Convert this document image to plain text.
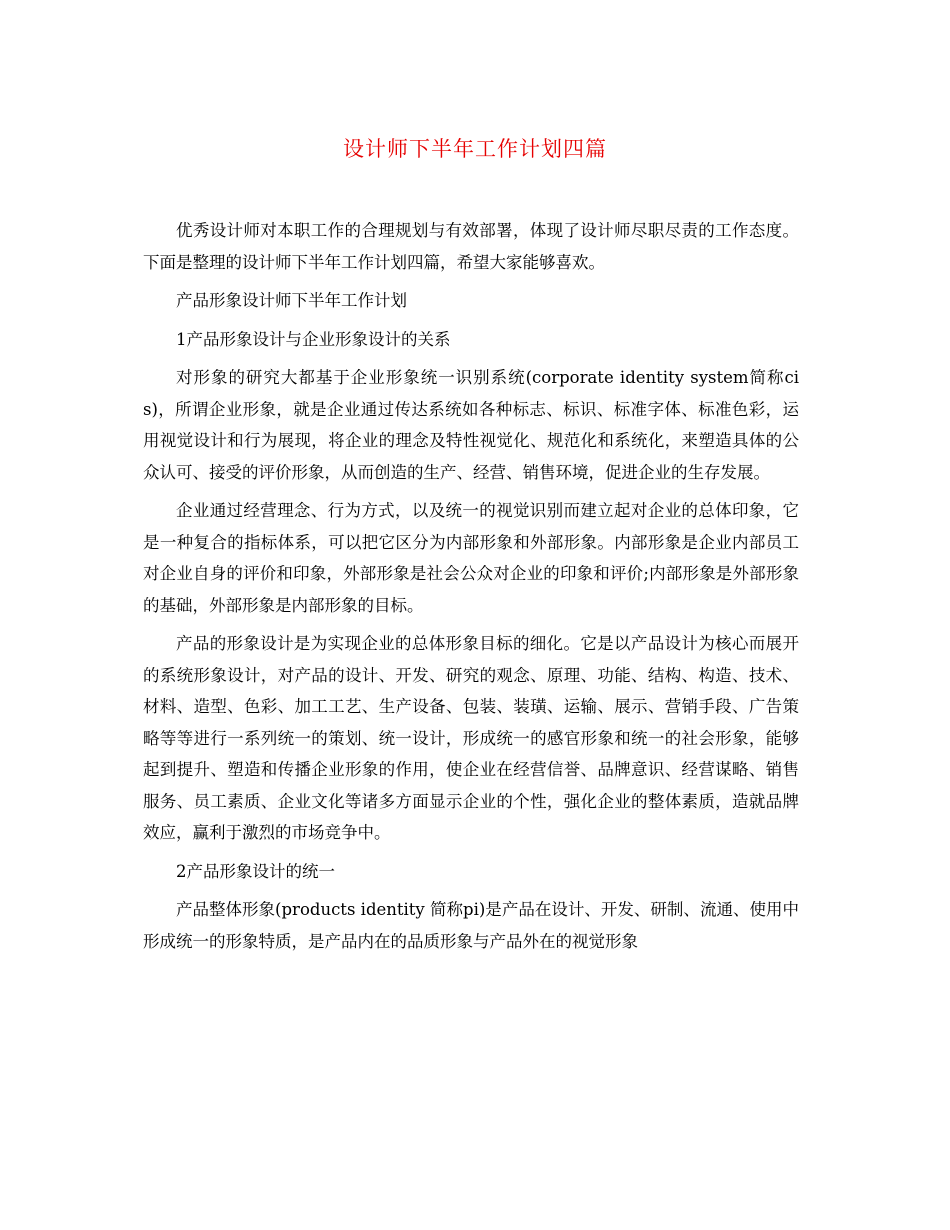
设计师下半年工作计划四篇

优秀设计师对本职工作的合理规划与有效部署，体现了设计师尽职尽责的工作态度。下面是整理的设计师下半年工作计划四篇，希望大家能够喜欢。

产品形象设计师下半年工作计划

1产品形象设计与企业形象设计的关系

对形象的研究大都基于企业形象统一识别系统(corporate identity system简称cis)，所谓企业形象，就是企业通过传达系统如各种标志、标识、标准字体、标准色彩，运用视觉设计和行为展现，将企业的理念及特性视觉化、规范化和系统化，来塑造具体的公众认可、接受的评价形象，从而创造的生产、经营、销售环境，促进企业的生存发展。

企业通过经营理念、行为方式，以及统一的视觉识别而建立起对企业的总体印象，它是一种复合的指标体系，可以把它区分为内部形象和外部形象。内部形象是企业内部员工对企业自身的评价和印象，外部形象是社会公众对企业的印象和评价;内部形象是外部形象的基础，外部形象是内部形象的目标。

产品的形象设计是为实现企业的总体形象目标的细化。它是以产品设计为核心而展开的系统形象设计，对产品的设计、开发、研究的观念、原理、功能、结构、构造、技术、材料、造型、色彩、加工工艺、生产设备、包装、装璜、运输、展示、营销手段、广告策略等等进行一系列统一的策划、统一设计，形成统一的感官形象和统一的社会形象，能够起到提升、塑造和传播企业形象的作用，使企业在经营信誉、品牌意识、经营谋略、销售服务、员工素质、企业文化等诸多方面显示企业的个性，强化企业的整体素质，造就品牌效应，赢利于激烈的市场竞争中。

2产品形象设计的统一

产品整体形象(products identity 简称pi)是产品在设计、开发、研制、流通、使用中形成统一的形象特质，是产品内在的品质形象与产品外在的视觉形象
